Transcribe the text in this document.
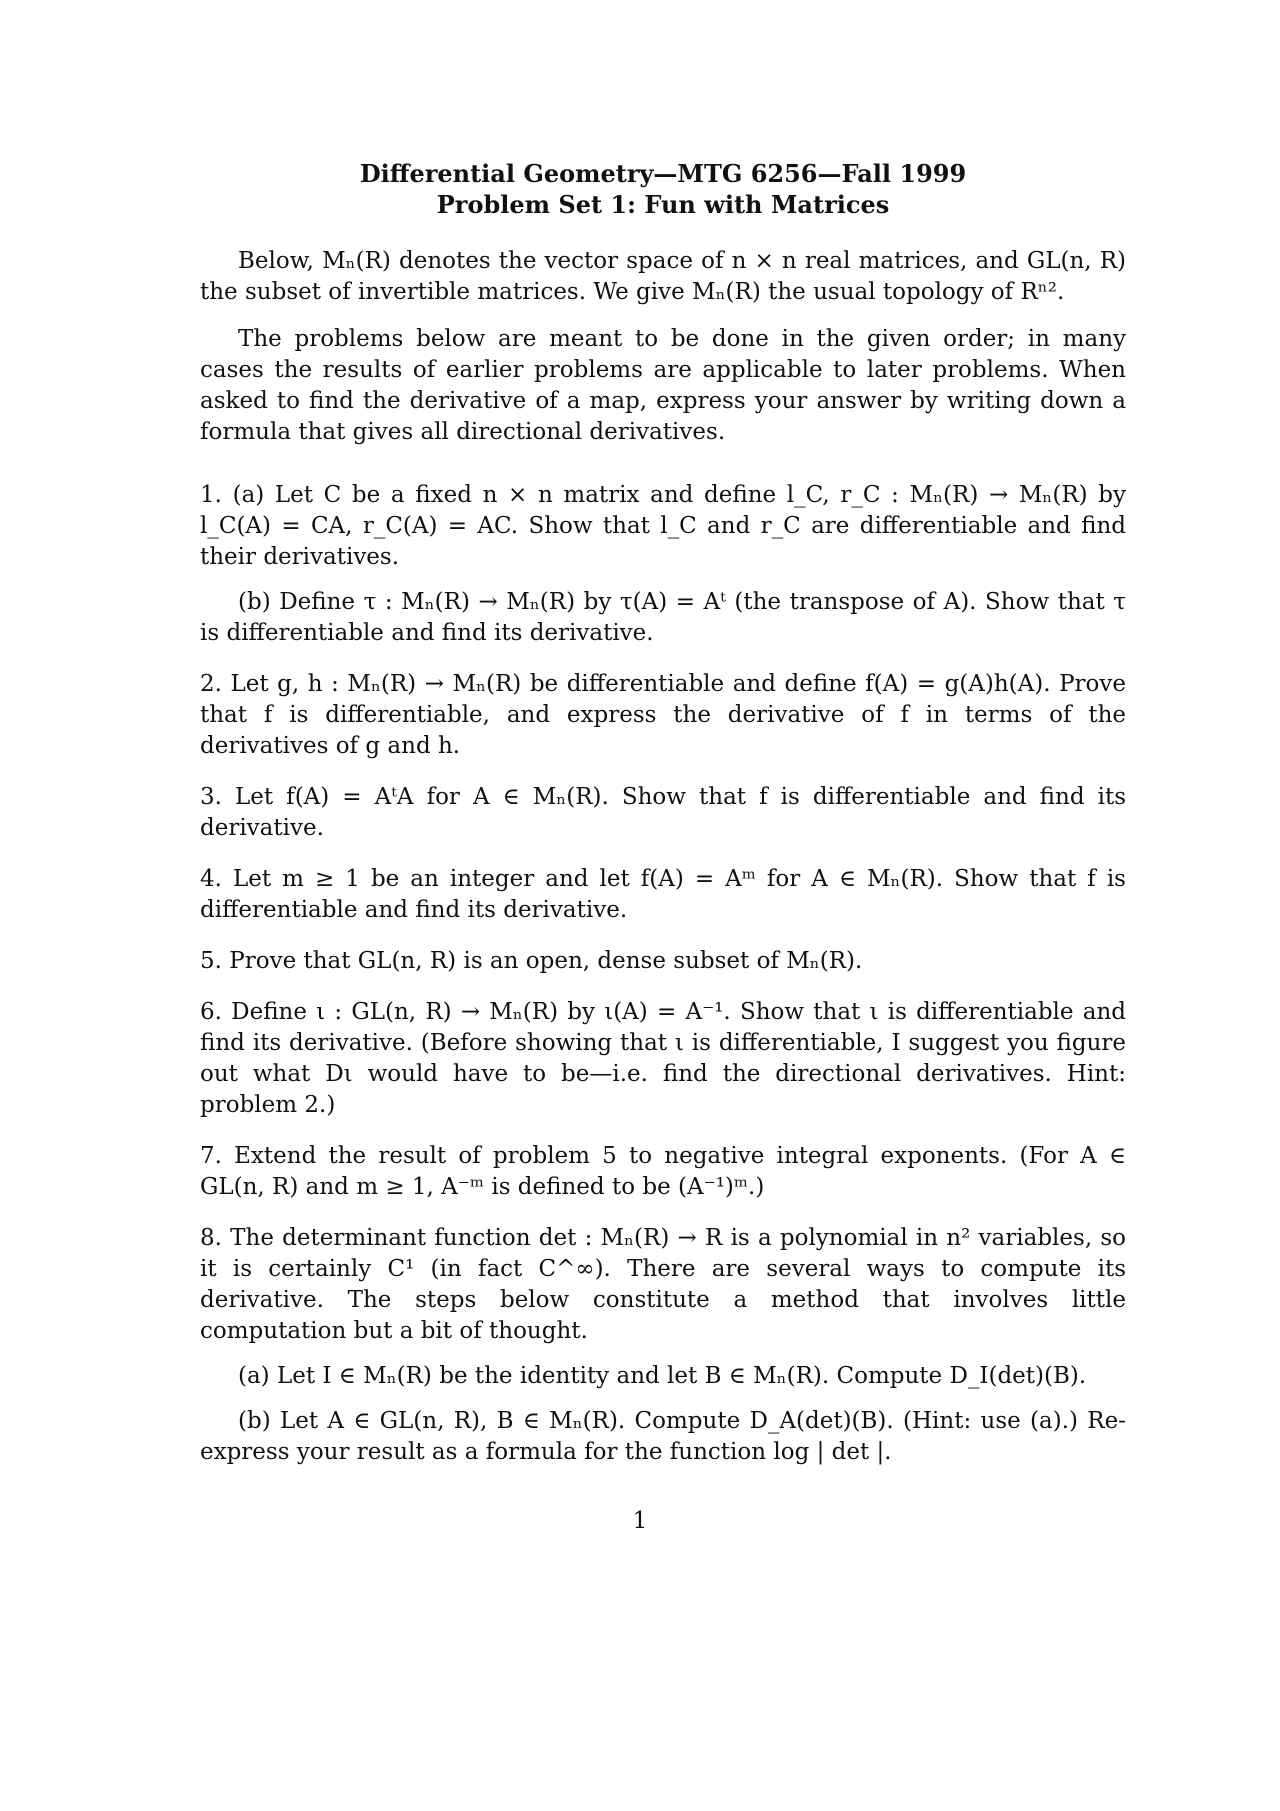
Differential Geometry—MTG 6256—Fall 1999
Problem Set 1: Fun with Matrices

Below, Mₙ(R) denotes the vector space of n × n real matrices, and GL(n, R) the subset of invertible matrices. We give Mₙ(R) the usual topology of Rⁿ².

The problems below are meant to be done in the given order; in many cases the results of earlier problems are applicable to later problems. When asked to find the derivative of a map, express your answer by writing down a formula that gives all directional derivatives.

1. (a) Let C be a fixed n × n matrix and define l_C, r_C : Mₙ(R) → Mₙ(R) by l_C(A) = CA, r_C(A) = AC. Show that l_C and r_C are differentiable and find their derivatives.

(b) Define τ : Mₙ(R) → Mₙ(R) by τ(A) = Aᵗ (the transpose of A). Show that τ is differentiable and find its derivative.

2. Let g, h : Mₙ(R) → Mₙ(R) be differentiable and define f(A) = g(A)h(A). Prove that f is differentiable, and express the derivative of f in terms of the derivatives of g and h.

3. Let f(A) = AᵗA for A ∈ Mₙ(R). Show that f is differentiable and find its derivative.

4. Let m ≥ 1 be an integer and let f(A) = Aᵐ for A ∈ Mₙ(R). Show that f is differentiable and find its derivative.

5. Prove that GL(n, R) is an open, dense subset of Mₙ(R).

6. Define ι : GL(n, R) → Mₙ(R) by ι(A) = A⁻¹. Show that ι is differentiable and find its derivative. (Before showing that ι is differentiable, I suggest you figure out what Dι would have to be—i.e. find the directional derivatives. Hint: problem 2.)

7. Extend the result of problem 5 to negative integral exponents. (For A ∈ GL(n, R) and m ≥ 1, A⁻ᵐ is defined to be (A⁻¹)ᵐ.)

8. The determinant function det : Mₙ(R) → R is a polynomial in n² variables, so it is certainly C¹ (in fact C^∞). There are several ways to compute its derivative. The steps below constitute a method that involves little computation but a bit of thought.

(a) Let I ∈ Mₙ(R) be the identity and let B ∈ Mₙ(R). Compute D_I(det)(B).

(b) Let A ∈ GL(n, R), B ∈ Mₙ(R). Compute D_A(det)(B). (Hint: use (a).) Re-express your result as a formula for the function log | det |.

1
